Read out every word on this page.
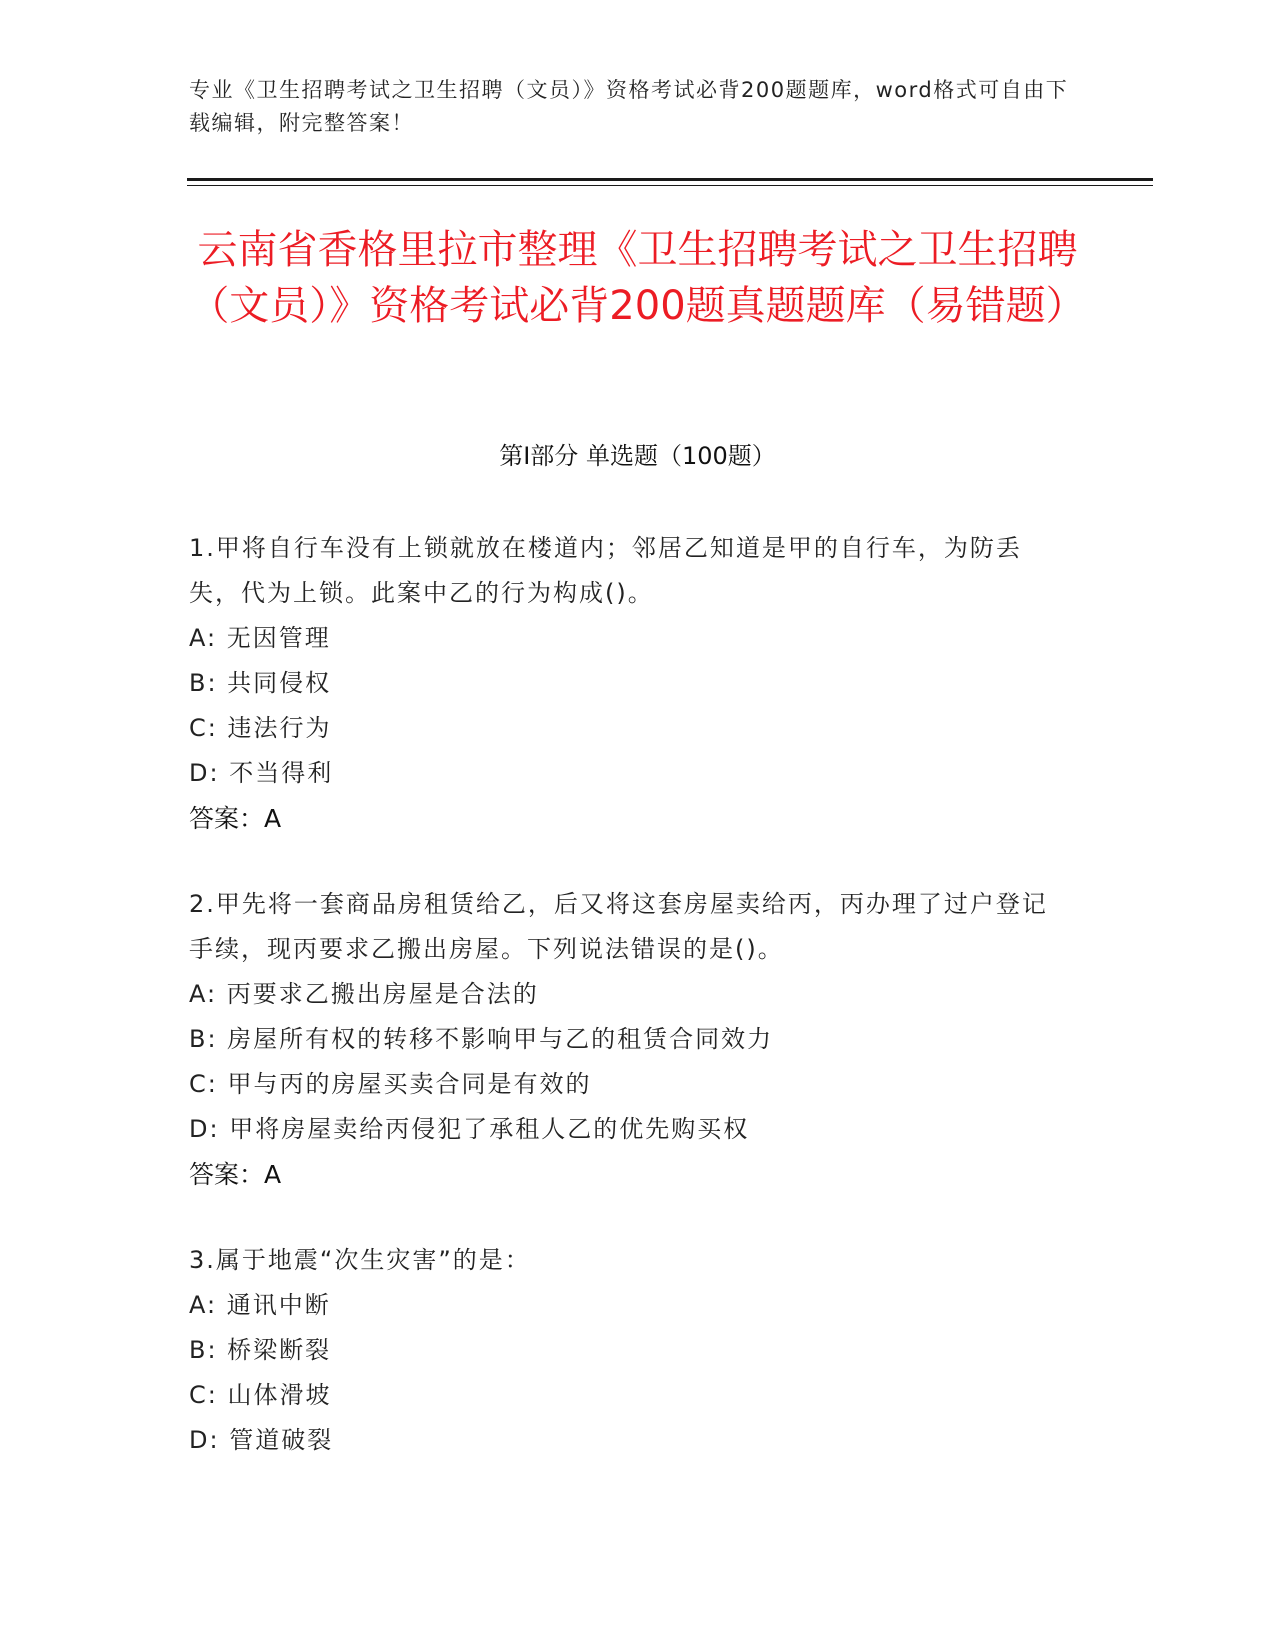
专业《卫生招聘考试之卫生招聘（文员）》资格考试必背200题题库，word格式可自由下载编辑，附完整答案！
云南省香格里拉市整理《卫生招聘考试之卫生招聘（文员）》资格考试必背200题真题题库（易错题）
第Ⅰ部分 单选题（100题）
1.甲将自行车没有上锁就放在楼道内；邻居乙知道是甲的自行车，为防丢失，代为上锁。此案中乙的行为构成()。
A: 无因管理
B: 共同侵权
C: 违法行为
D: 不当得利
答案：A
2.甲先将一套商品房租赁给乙，后又将这套房屋卖给丙，丙办理了过户登记手续，现丙要求乙搬出房屋。下列说法错误的是()。
A: 丙要求乙搬出房屋是合法的
B: 房屋所有权的转移不影响甲与乙的租赁合同效力
C: 甲与丙的房屋买卖合同是有效的
D: 甲将房屋卖给丙侵犯了承租人乙的优先购买权
答案：A
3.属于地震“次生灾害”的是：
A: 通讯中断
B: 桥梁断裂
C: 山体滑坡
D: 管道破裂
